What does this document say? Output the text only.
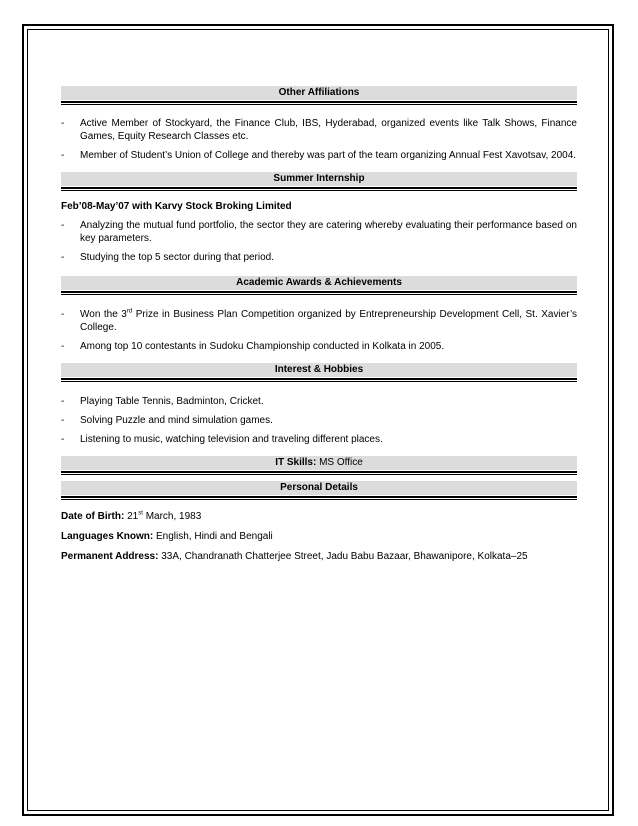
Other Affiliations
- Active Member of Stockyard, the Finance Club, IBS, Hyderabad, organized events like Talk Shows, Finance Games, Equity Research Classes etc.
- Member of Student’s Union of College and thereby was part of the team organizing Annual Fest Xavotsav, 2004.
Summer Internship
Feb’08-May’07 with Karvy Stock Broking Limited
- Analyzing the mutual fund portfolio, the sector they are catering whereby evaluating their performance based on key parameters.
- Studying the top 5 sector during that period.
Academic Awards & Achievements
- Won the 3rd Prize in Business Plan Competition organized by Entrepreneurship Development Cell, St. Xavier’s College.
- Among top 10 contestants in Sudoku Championship conducted in Kolkata in 2005.
Interest & Hobbies
- Playing Table Tennis, Badminton, Cricket.
- Solving Puzzle and mind simulation games.
- Listening to music, watching television and traveling different places.
IT Skills: MS Office
Personal Details
Date of Birth: 21st March, 1983
Languages Known: English, Hindi and Bengali
Permanent Address: 33A, Chandranath Chatterjee Street, Jadu Babu Bazaar, Bhawanipore, Kolkata–25
